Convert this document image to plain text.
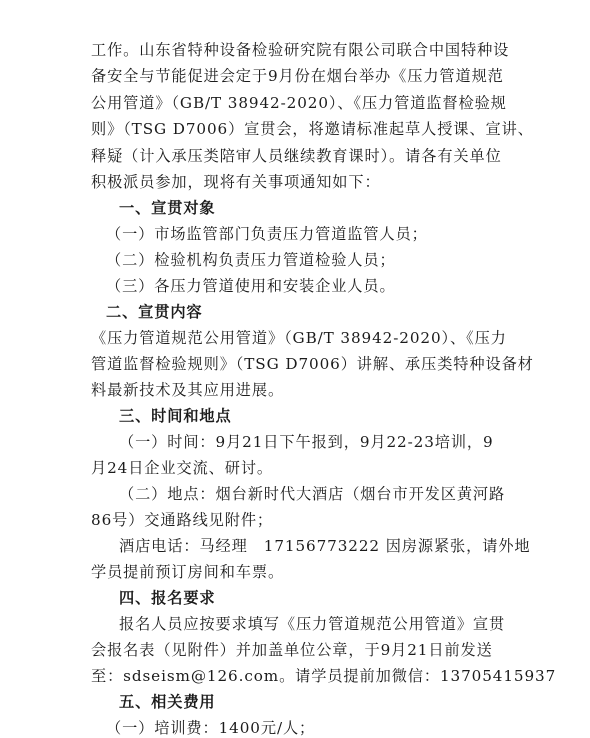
工作。山东省特种设备检验研究院有限公司联合中国特种设
备安全与节能促进会定于9月份在烟台举办《压力管道规范
公用管道》（GB/T 38942-2020）、《压力管道监督检验规
则》（TSG D7006）宣贯会，将邀请标准起草人授课、宣讲、
释疑（计入承压类陪审人员继续教育课时）。请各有关单位
积极派员参加，现将有关事项通知如下：
一、宣贯对象
（一）市场监管部门负责压力管道监管人员；
（二）检验机构负责压力管道检验人员；
（三）各压力管道使用和安装企业人员。
二、宣贯内容
《压力管道规范公用管道》（GB/T 38942-2020）、《压力
管道监督检验规则》（TSG D7006）讲解、承压类特种设备材
料最新技术及其应用进展。
三、时间和地点
（一）时间：9月21日下午报到，9月22-23培训，9
月24日企业交流、研讨。
（二）地点：烟台新时代大酒店（烟台市开发区黄河路
86号）交通路线见附件；
酒店电话：马经理　17156773222 因房源紧张，请外地
学员提前预订房间和车票。
四、报名要求
报名人员应按要求填写《压力管道规范公用管道》宣贯
会报名表（见附件）并加盖单位公章，于9月21日前发送
至：sdseism@126.com。请学员提前加微信：13705415937
五、相关费用
（一）培训费：1400元/人；
